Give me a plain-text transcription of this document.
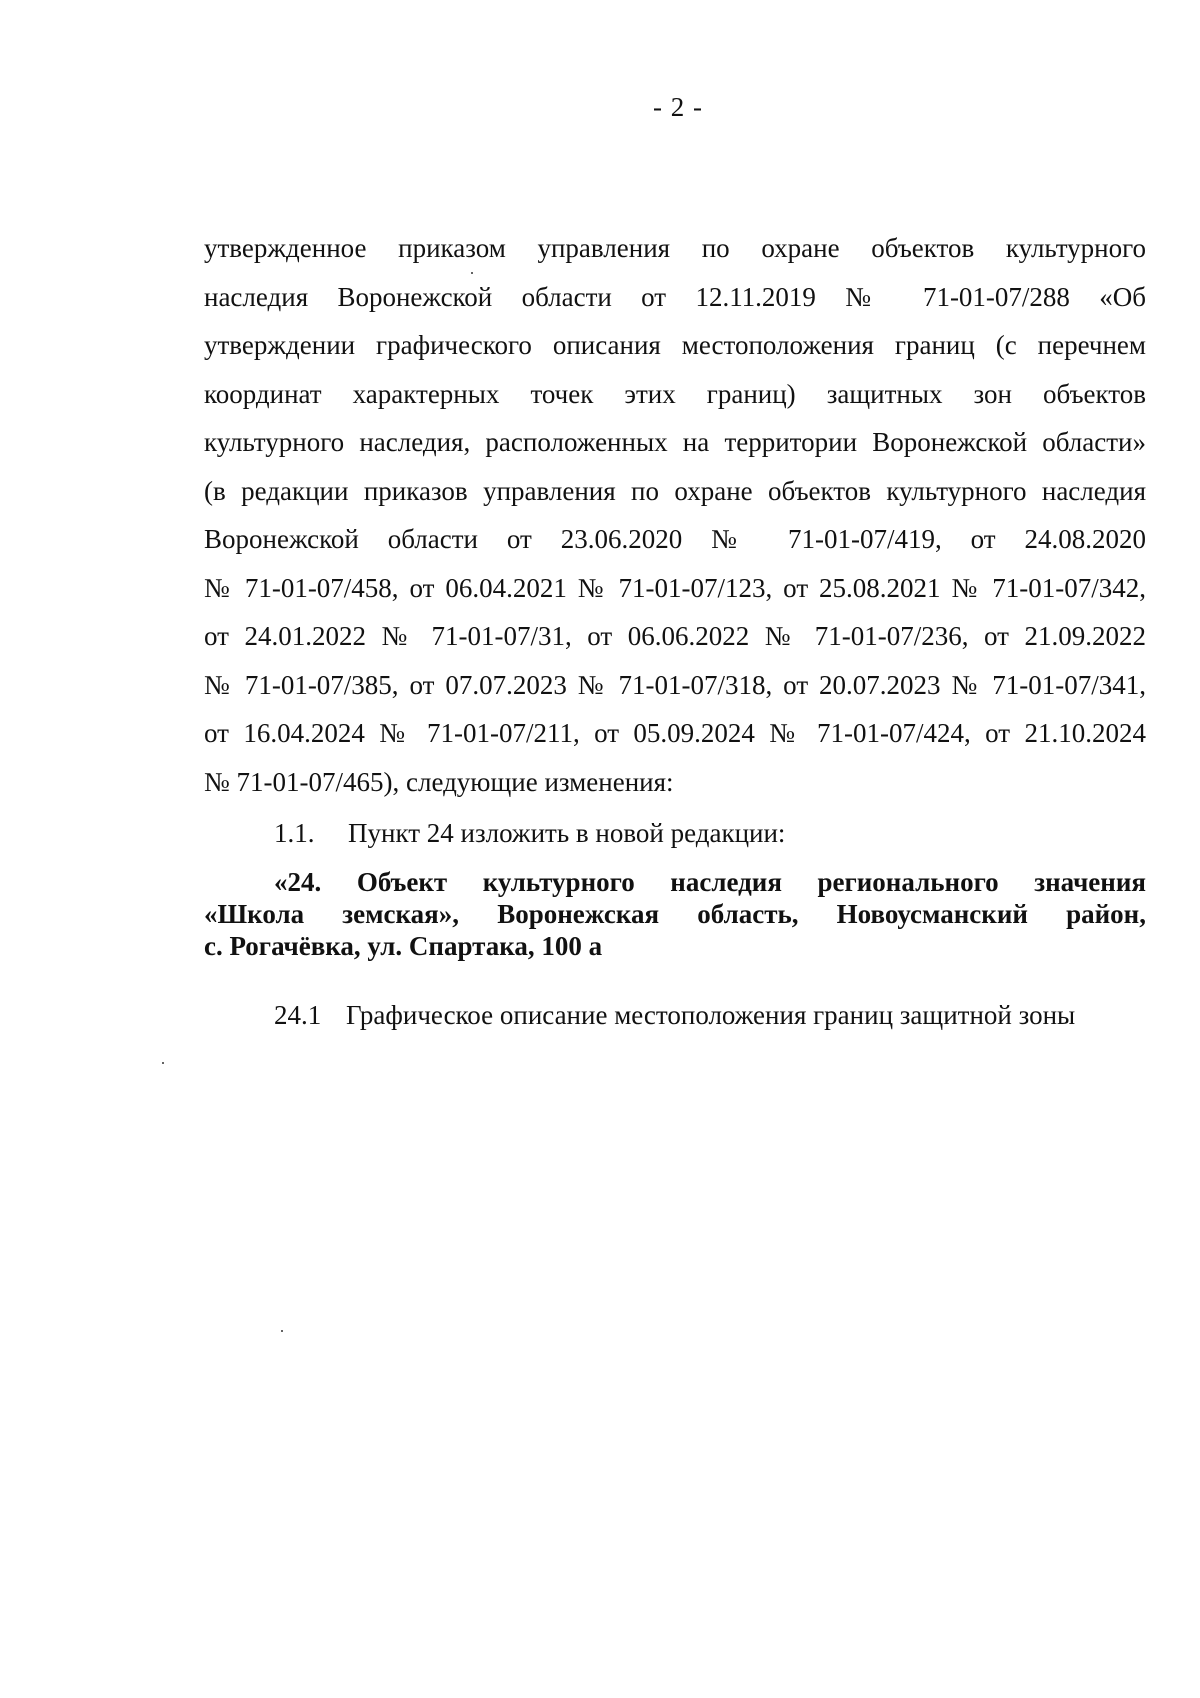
- 2 -
утвержденное приказом управления по охране объектов культурного
наследия Воронежской области от 12.11.2019 № 71-01-07/288 «Об
утверждении графического описания местоположения границ (с перечнем
координат характерных точек этих границ) защитных зон объектов
культурного наследия, расположенных на территории Воронежской области»
(в редакции приказов управления по охране объектов культурного наследия
Воронежской области от 23.06.2020 № 71-01-07/419, от 24.08.2020
№ 71-01-07/458, от 06.04.2021 № 71-01-07/123, от 25.08.2021 № 71-01-07/342,
от 24.01.2022 № 71-01-07/31, от 06.06.2022 № 71-01-07/236, от 21.09.2022
№ 71-01-07/385, от 07.07.2023 № 71-01-07/318, от 20.07.2023 № 71-01-07/341,
от 16.04.2024 № 71-01-07/211, от 05.09.2024 № 71-01-07/424, от 21.10.2024
№ 71-01-07/465), следующие изменения:
1.1. Пункт 24 изложить в новой редакции:
«24. Объект культурного наследия регионального значения
«Школа земская», Воронежская область, Новоусманский район,
с. Рогачёвка, ул. Спартака, 100 а
24.1 Графическое описание местоположения границ защитной зоны
